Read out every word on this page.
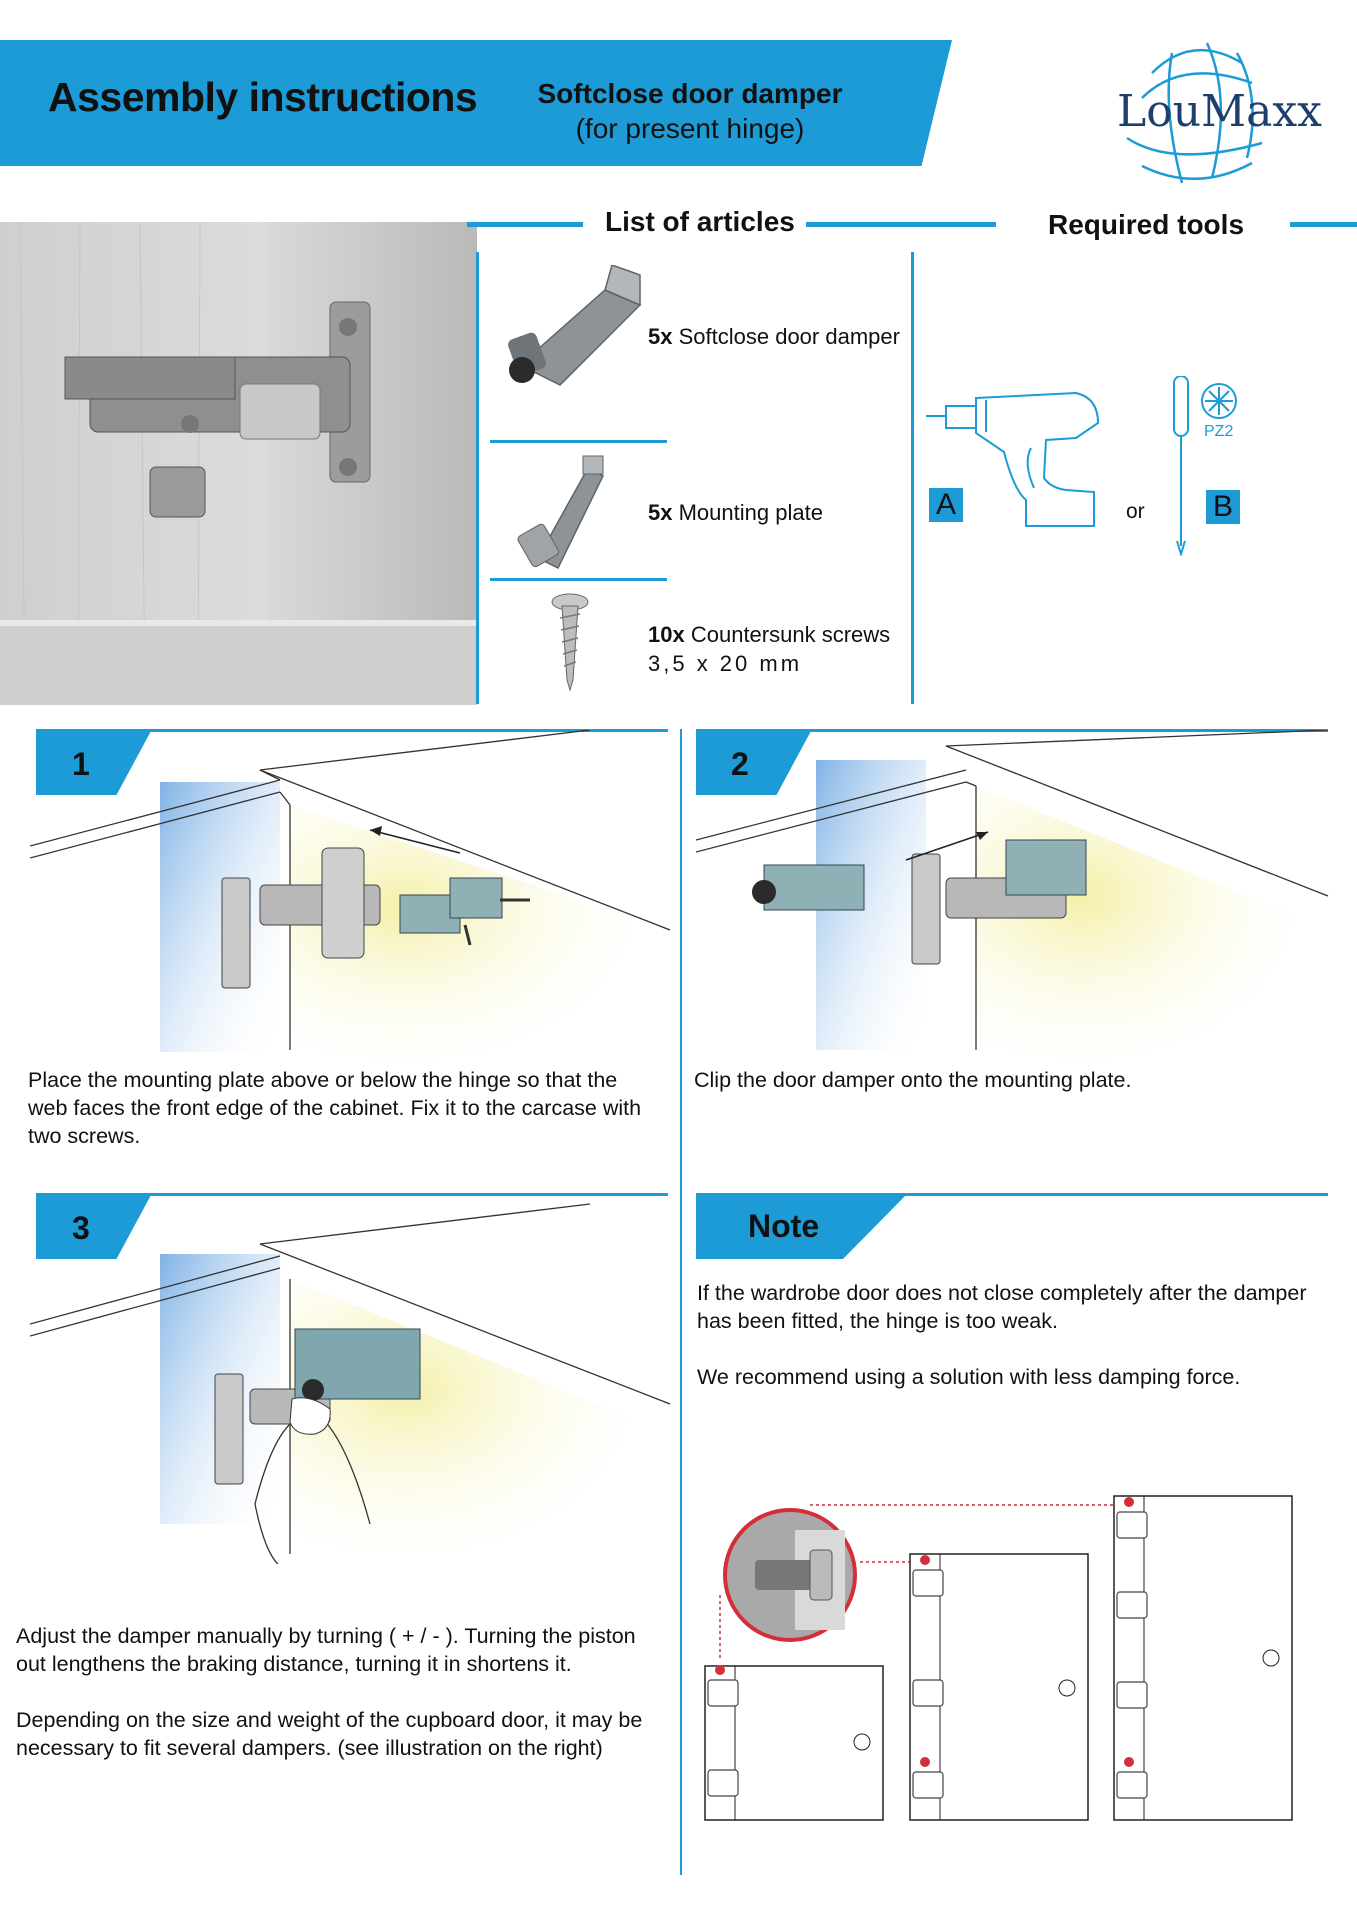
Assembly instructions	Softclose door damper
(for present hinge)	LouMaxx
List of articles
5x Softclose door damper
5x Mounting plate
10x Countersunk screws
3,5 x 20 mm
Required tools
A	or
PZ2
B
1
Place the mounting plate above or below the hinge so that the
web faces the front edge of the cabinet. Fix it to the carcase with
two screws.
2
Clip the door damper onto the mounting plate.
3
Adjust the damper manually by turning ( + / - ). Turning the piston
out lengthens the braking distance, turning it in shortens it.
Depending on the size and weight of the cupboard door, it may be
necessary to fit several dampers. (see illustration on the right)
Note
If the wardrobe door does not close completely after the damper
has been fitted, the hinge is too weak.
We recommend using a solution with less damping force.
